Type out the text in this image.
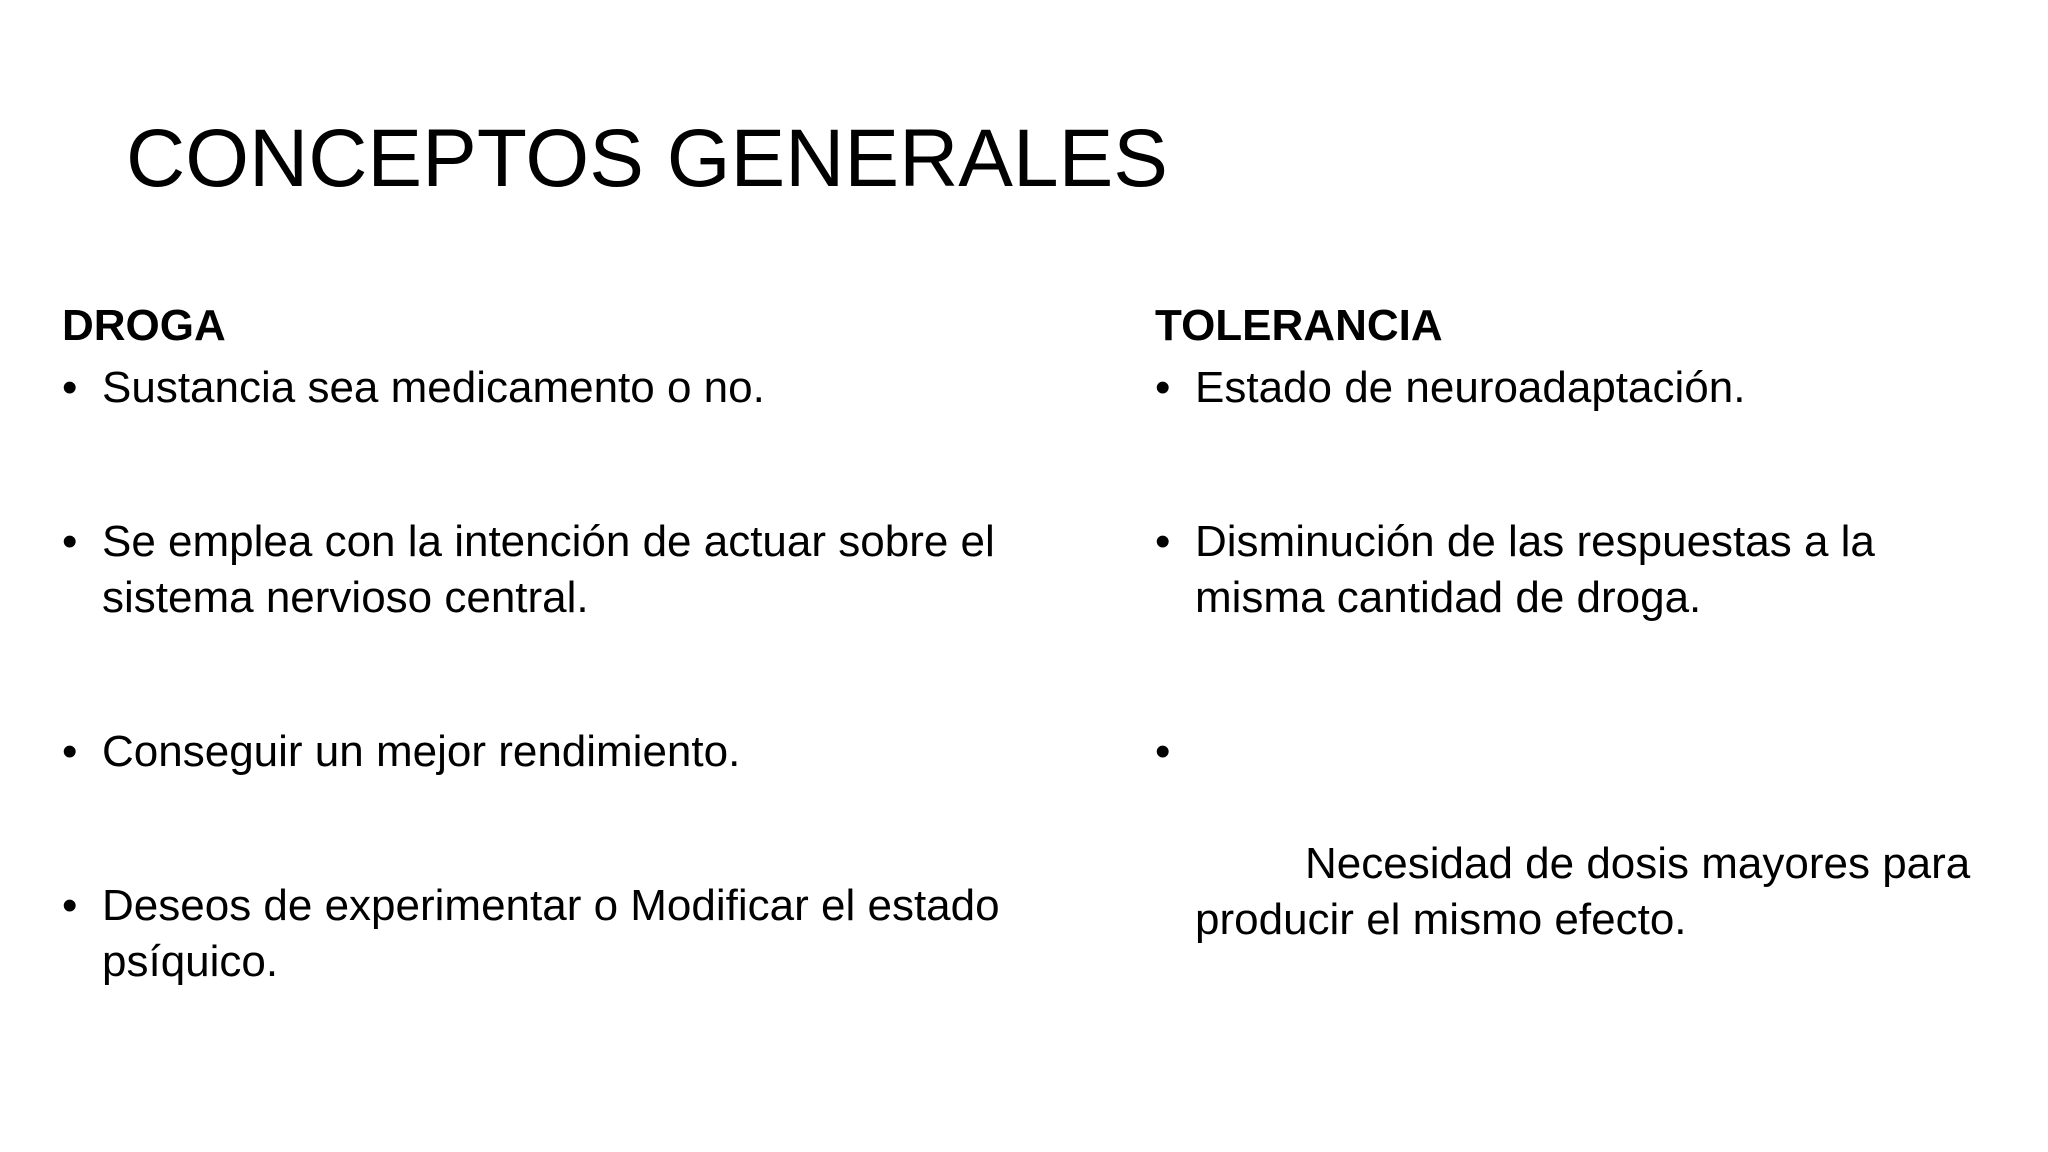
CONCEPTOS GENERALES
DROGA
• Sustancia sea medicamento o no.
• Se emplea con la intención de actuar sobre el sistema nervioso central.
• Conseguir un mejor rendimiento.
• Deseos de experimentar o Modificar el estado psíquico.
TOLERANCIA
• Estado de neuroadaptación.
• Disminución de las respuestas a la misma cantidad de droga.

•

Necesidad de dosis mayores para producir el mismo efecto.
